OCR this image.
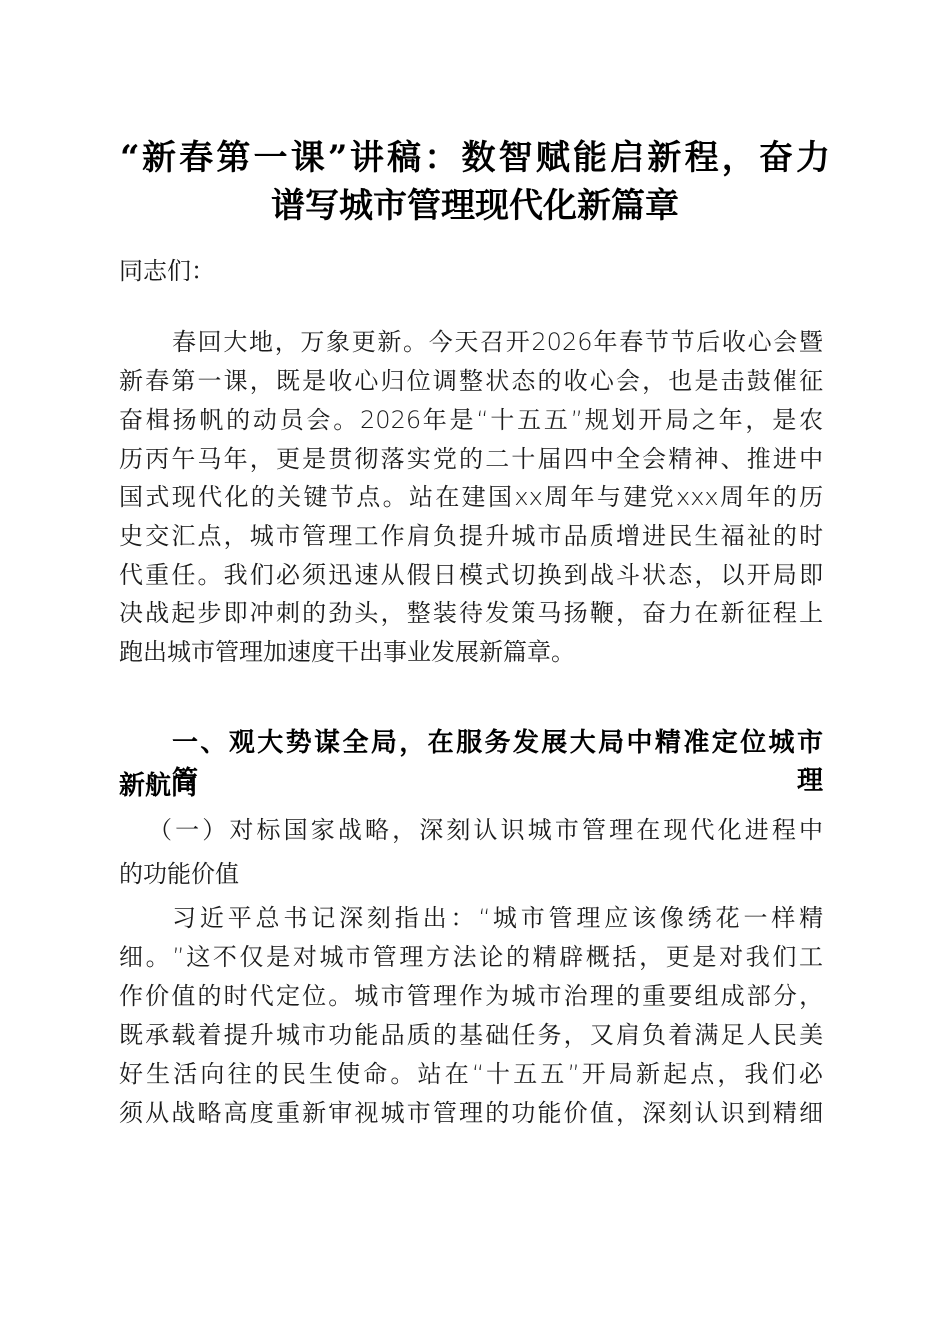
“ 新 春 第 一 课 ” 讲 稿 ： 数 智 赋 能 启 新 程 ， 奋 力
谱写城市管理现代化新篇章
同志们：
春 回 大 地 ， 万 象 更 新 。 今 天 召 开 2026 年 春 节 节 后 收 心 会 暨
新 春 第 一 课 ， 既 是 收 心 归 位 调 整 状 态 的 收 心 会 ， 也 是 击 鼓 催 征
奋 楫 扬 帆 的 动 员 会 。 2026 年 是 “ 十 五 五 ” 规 划 开 局 之 年 ， 是 农
历 丙 午 马 年 ， 更 是 贯 彻 落 实 党 的 二 十 届 四 中 全 会 精 神 、 推 进 中
国 式 现 代 化 的 关 键 节 点 。 站 在 建 国 xx 周 年 与 建 党 xxx 周 年 的 历
史 交 汇 点 ， 城 市 管 理 工 作 肩 负 提 升 城 市 品 质 增 进 民 生 福 祉 的 时
代 重 任 。 我 们 必 须 迅 速 从 假 日 模 式 切 换 到 战 斗 状 态 ， 以 开 局 即
决 战 起 步 即 冲 刺 的 劲 头 ， 整 装 待 发 策 马 扬 鞭 ， 奋 力 在 新 征 程 上
跑出城市管理加速度干出事业发展新篇章。
一 、 观 大 势 谋 全 局 ， 在 服 务 发 展 大 局 中 精 准 定 位 城 市 管 理
新航向
（ 一 ） 对 标 国 家 战 略 ， 深 刻 认 识 城 市 管 理 在 现 代 化 进 程 中
的功能价值
习 近 平 总 书 记 深 刻 指 出 ： “ 城 市 管 理 应 该 像 绣 花 一 样 精
细 。 ” 这 不 仅 是 对 城 市 管 理 方 法 论 的 精 辟 概 括 ， 更 是 对 我 们 工
作 价 值 的 时 代 定 位 。 城 市 管 理 作 为 城 市 治 理 的 重 要 组 成 部 分 ，
既 承 载 着 提 升 城 市 功 能 品 质 的 基 础 任 务 ， 又 肩 负 着 满 足 人 民 美
好 生 活 向 往 的 民 生 使 命 。 站 在 “ 十 五 五 ” 开 局 新 起 点 ， 我 们 必
须 从 战 略 高 度 重 新 审 视 城 市 管 理 的 功 能 价 值 ， 深 刻 认 识 到 精 细
